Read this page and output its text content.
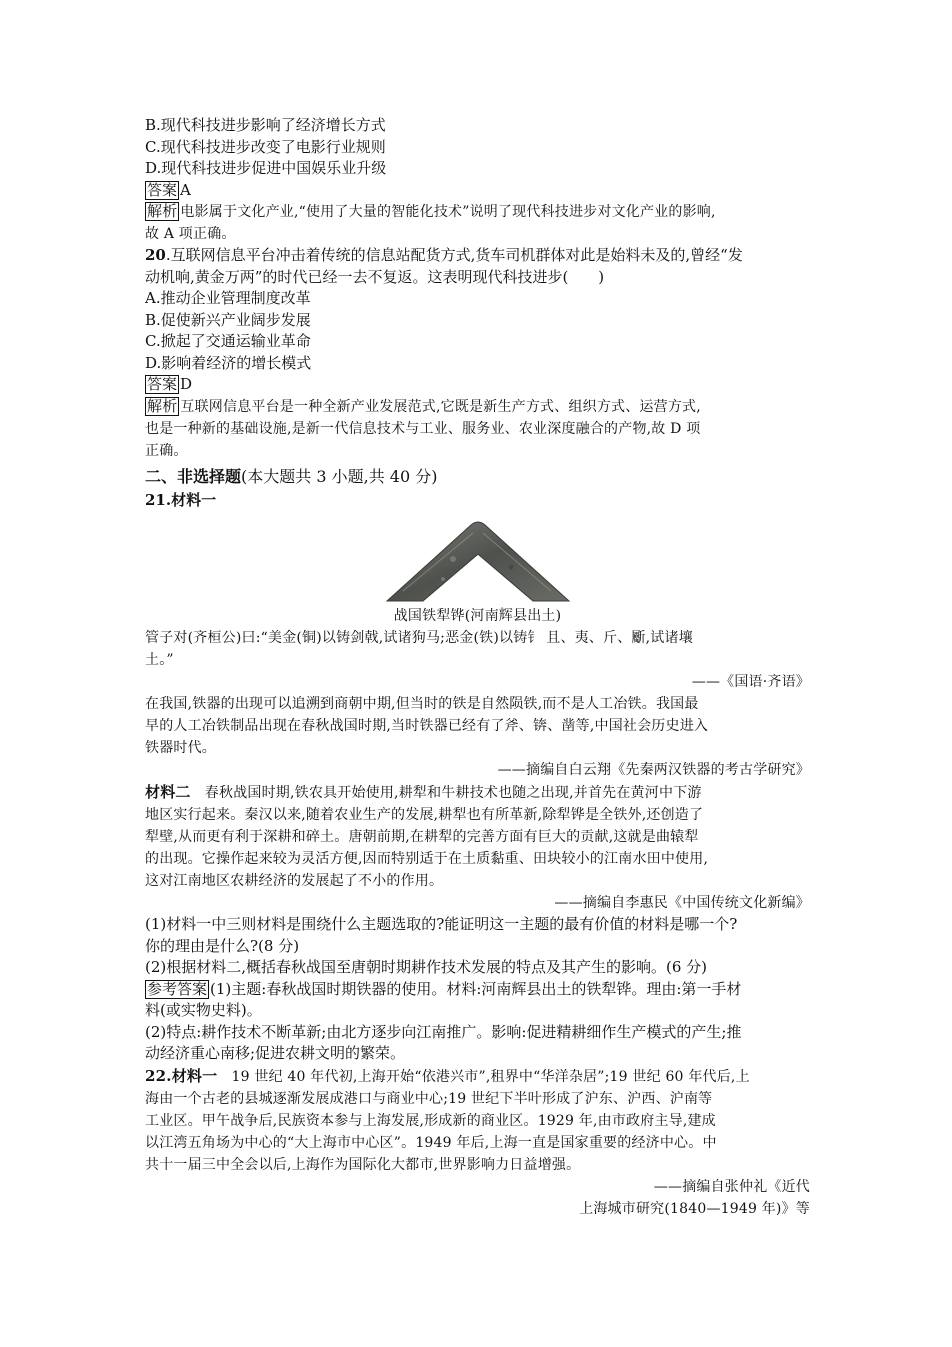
B.现代科技进步影响了经济增长方式
C.现代科技进步改变了电影行业规则
D.现代科技进步促进中国娱乐业升级
答案 A
解析 电影属于文化产业,“使用了大量的智能化技术”说明了现代科技进步对文化产业的影响,
故 A 项正确。
20.互联网信息平台冲击着传统的信息站配货方式,货车司机群体对此是始料未及的,曾经“发
动机响,黄金万两”的时代已经一去不复返。这表明现代科技进步(　　)
A.推动企业管理制度改革
B.促使新兴产业阔步发展
C.掀起了交通运输业革命
D.影响着经济的增长模式
答案 D
解析 互联网信息平台是一种全新产业发展范式,它既是新生产方式、组织方式、运营方式,
也是一种新的基础设施,是新一代信息技术与工业、服务业、农业深度融合的产物,故 D 项
正确。
二、非选择题(本大题共 3 小题,共 40 分)
21.材料一
战国铁犁铧(河南辉县出土)
管子对(齐桓公)曰:“美金(铜)以铸剑戟,试诸狗马;恶金(铁)以铸钅 且、夷、斤、斸,试诸壤
土。”
——《国语·齐语》
在我国,铁器的出现可以追溯到商朝中期,但当时的铁是自然陨铁,而不是人工冶铁。我国最
早的人工冶铁制品出现在春秋战国时期,当时铁器已经有了斧、锛、凿等,中国社会历史进入
铁器时代。
——摘编自白云翔《先秦两汉铁器的考古学研究》
材料二　春秋战国时期,铁农具开始使用,耕犁和牛耕技术也随之出现,并首先在黄河中下游
地区实行起来。秦汉以来,随着农业生产的发展,耕犁也有所革新,除犁铧是全铁外,还创造了
犁壁,从而更有利于深耕和碎土。唐朝前期,在耕犁的完善方面有巨大的贡献,这就是曲辕犁
的出现。它操作起来较为灵活方便,因而特别适于在土质黏重、田块较小的江南水田中使用,
这对江南地区农耕经济的发展起了不小的作用。
——摘编自李惠民《中国传统文化新编》
(1)材料一中三则材料是围绕什么主题选取的?能证明这一主题的最有价值的材料是哪一个?
你的理由是什么?(8 分)
(2)根据材料二,概括春秋战国至唐朝时期耕作技术发展的特点及其产生的影响。(6 分)
参考答案 (1)主题:春秋战国时期铁器的使用。材料:河南辉县出土的铁犁铧。理由:第一手材
料(或实物史料)。
(2)特点:耕作技术不断革新;由北方逐步向江南推广。影响:促进精耕细作生产模式的产生;推
动经济重心南移;促进农耕文明的繁荣。
22.材料一　19 世纪 40 年代初,上海开始“依港兴市”,租界中“华洋杂居”;19 世纪 60 年代后,上
海由一个古老的县城逐渐发展成港口与商业中心;19 世纪下半叶形成了沪东、沪西、沪南等
工业区。甲午战争后,民族资本参与上海发展,形成新的商业区。1929 年,由市政府主导,建成
以江湾五角场为中心的“大上海市中心区”。1949 年后,上海一直是国家重要的经济中心。中
共十一届三中全会以后,上海作为国际化大都市,世界影响力日益增强。
——摘编自张仲礼《近代
上海城市研究(1840—1949 年)》等
